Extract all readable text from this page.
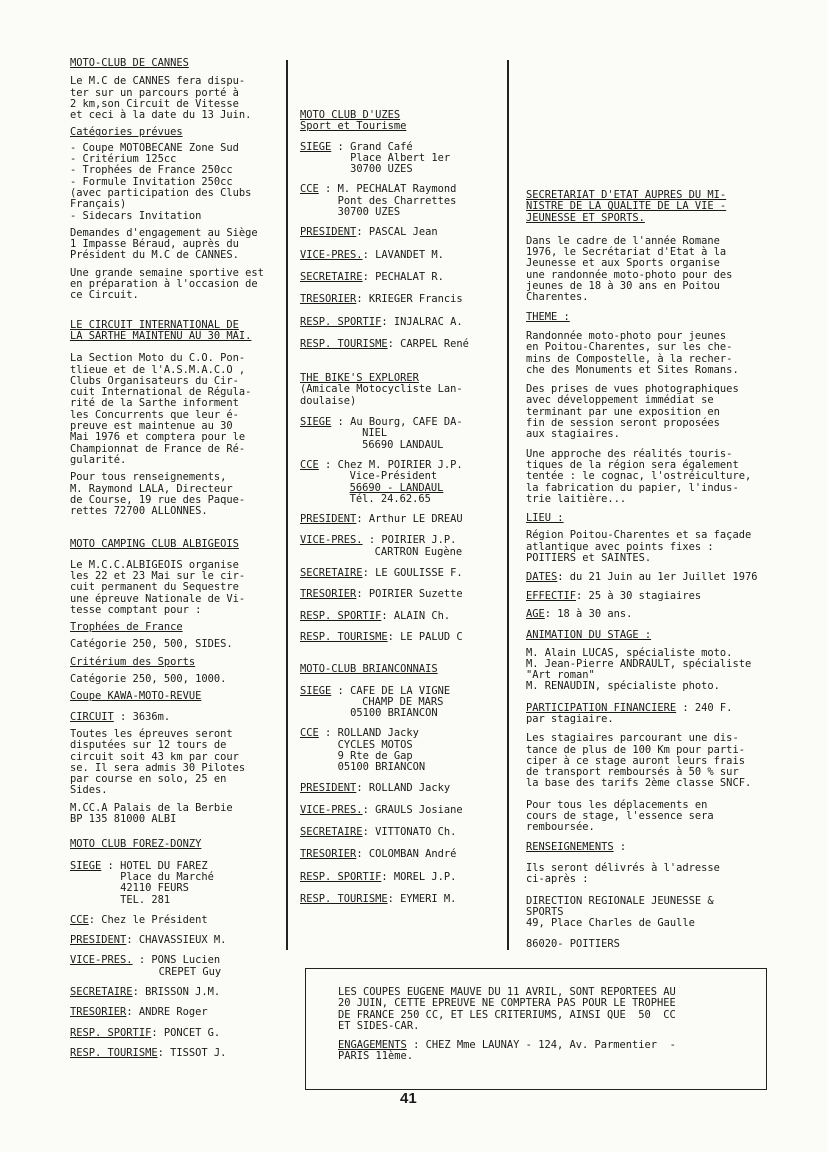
MOTO-CLUB DE CANNES

Le M.C de CANNES fera dispu-
ter sur un parcours porté à
2 km,son Circuit de Vitesse
et ceci à la date du 13 Juin.

Catégories prévues

- Coupe MOTOBECANE Zone Sud
- Critérium 125cc
- Trophées de France 250cc
- Formule Invitation 250cc
(avec participation des Clubs
Français)
- Sidecars Invitation

Demandes d'engagement au Siège
1 Impasse Béraud, auprès du
Président du M.C de CANNES.

Une grande semaine sportive est
en préparation à l'occasion de
ce Circuit.

LE CIRCUIT INTERNATIONAL DE
LA SARTHE MAINTENU AU 30 MAI.

La Section Moto du C.O. Pon-
tlieue et de l'A.S.M.A.C.O ,
Clubs Organisateurs du Cir-
cuit International de Régula-
rité de la Sarthe informent
les Concurrents que leur é-
preuve est maintenue au 30
Mai 1976 et comptera pour le
Championnat de France de Ré-
gularité.

Pour tous renseignements,
M. Raymond LALA, Directeur
de Course, 19 rue des Paque-
rettes 72700 ALLONNES.

MOTO CAMPING CLUB ALBIGEOIS

Le M.C.C.ALBIGEOIS organise
les 22 et 23 Mai sur le cir-
cuit permanent du Sequestre
une épreuve Nationale de Vi-
tesse comptant pour :

Trophées de France

Catégorie 250, 500, SIDES.

Critérium des Sports

Catégorie 250, 500, 1000.

Coupe KAWA-MOTO-REVUE

CIRCUIT : 3636m.

Toutes les épreuves seront
disputées sur 12 tours de
circuit soit 43 km par cour
se. Il sera admis 30 Pilotes
par course en solo, 25 en
Sides.

M.CC.A Palais de la Berbie
BP 135 81000 ALBI

MOTO CLUB FOREZ-DONZY
SIEGE : HOTEL DU FAREZ
Place du Marché
42110 FEURS
TEL. 281
CCE : Chez le Président
PRESIDENT : CHAVASSIEUX M.
VICE-PRES. : PONS Lucien
CREPET Guy
SECRETAIRE : BRISSON J.M.
TRESORIER : ANDRE Roger
RESP. SPORTIF : PONCET G.
RESP. TOURISME : TISSOT J.
MOTO CLUB D'UZES
Sport et Tourisme
SIEGE : Grand Café
Place Albert 1er
30700 UZES
CCE : M. PECHALAT Raymond
Pont des Charrettes
30700 UZES
PRESIDENT : PASCAL Jean
VICE-PRES. : LAVANDET M.
SECRETAIRE : PECHALAT R.
TRESORIER : KRIEGER Francis
RESP. SPORTIF : INJALRAC A.
RESP. TOURISME : CARPEL René
THE BIKE'S EXPLORER

(Amicale Motocycliste Lan-
doulaise)

SIEGE : Au Bourg, CAFE DA-
NIEL
56690 LANDAUL
CCE : Chez M. POIRIER J.P.
Vice-Président
56690 - LANDAUL
Tél. 24.62.65
PRESIDENT : Arthur LE DREAU
VICE-PRES. : POIRIER J.P.
CARTRON Eugène
SECRETAIRE : LE GOULISSE F.
TRESORIER : POIRIER Suzette
RESP. SPORTIF : ALAIN Ch.
RESP. TOURISME : LE PALUD C
MOTO-CLUB BRIANCONNAIS
SIEGE : CAFE DE LA VIGNE
CHAMP DE MARS
05100 BRIANCON
CCE : ROLLAND Jacky
CYCLES MOTOS
9 Rte de Gap
05100 BRIANCON
PRESIDENT : ROLLAND Jacky
VICE-PRES. : GRAULS Josiane
SECRETAIRE : VITTONATO Ch.
TRESORIER : COLOMBAN André
RESP. SPORTIF : MOREL J.P.
RESP. TOURISME : EYMERI M.
SECRETARIAT D'ETAT AUPRES DU MI-
NISTRE DE LA QUALITE DE LA VIE -
JEUNESSE ET SPORTS.

Dans le cadre de l'année Romane
1976, le Secrétariat d'Etat à la
Jeunesse et aux Sports organise
une randonnée moto-photo pour des
jeunes de 18 à 30 ans en Poitou
Charentes.

THEME :

Randonnée moto-photo pour jeunes
en Poitou-Charentes, sur les che-
mins de Compostelle, à la recher-
che des Monuments et Sites Romans.

Des prises de vues photographiques
avec développement immédiat se
terminant par une exposition en
fin de session seront proposées
aux stagiaires.

Une approche des réalités touris-
tiques de la région sera également
tentée : le cognac, l'ostréiculture,
la fabrication du papier, l'indus-
trie laitière...

LIEU :

Région Poitou-Charentes et sa façade
atlantique avec points fixes :
POITIERS et SAINTES.

DATES : du 21 Juin au 1er Juillet 1976
EFFECTIF : 25 à 30 stagiaires
AGE : 18 à 30 ans.
ANIMATION DU STAGE :

M. Alain LUCAS, spécialiste moto.
M. Jean-Pierre ANDRAULT, spécialiste
"Art roman"
M. RENAUDIN, spécialiste photo.

PARTICIPATION FINANCIERE : 240 F.
par stagiaire.

Les stagiaires parcourant une dis-
tance de plus de 100 Km pour parti-
ciper à ce stage auront leurs frais
de transport remboursés à 50 % sur
la base des tarifs 2ème classe SNCF.

Pour tous les déplacements en
cours de stage, l'essence sera
remboursée.

RENSEIGNEMENTS :

Ils seront délivrés à l'adresse
ci-après :

DIRECTION REGIONALE JEUNESSE &
SPORTS
49, Place Charles de Gaulle

86020- POITIERS

LES COUPES EUGENE MAUVE DU 11 AVRIL, SONT REPORTEES AU
20 JUIN, CETTE EPREUVE NE COMPTERA PAS POUR LE TROPHEE
DE FRANCE 250 CC, ET LES CRITERIUMS, AINSI QUE  50  CC
ET SIDES-CAR.

ENGAGEMENTS : CHEZ Mme LAUNAY - 124, Av. Parmentier  -
PARIS 11ème.

41
